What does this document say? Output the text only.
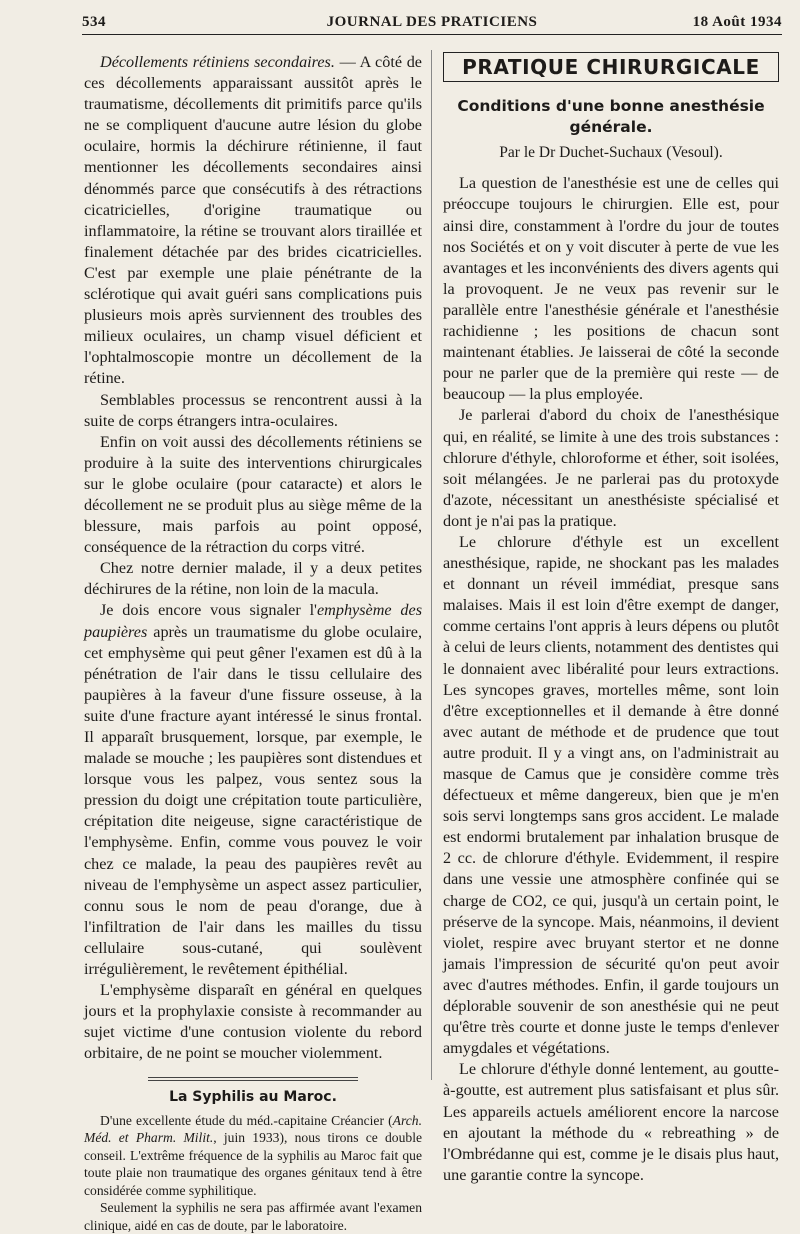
534	JOURNAL DES PRATICIENS	18 Août 1934

Décollements rétiniens secondaires. — A côté de ces décollements apparaissant aussitôt après le traumatisme, décollements dit primitifs parce qu'ils ne se compliquent d'aucune autre lésion du globe oculaire, hormis la déchirure rétinienne, il faut mentionner les décollements secondaires ainsi dénommés parce que consécutifs à des rétractions cicatricielles, d'origine traumatique ou inflammatoire, la rétine se trouvant alors tiraillée et finalement détachée par des brides cicatricielles. C'est par exemple une plaie pénétrante de la sclérotique qui avait guéri sans complications puis plusieurs mois après surviennent des troubles des milieux oculaires, un champ visuel déficient et l'ophtalmoscopie montre un décollement de la rétine.

Semblables processus se rencontrent aussi à la suite de corps étrangers intra-oculaires.

Enfin on voit aussi des décollements rétiniens se produire à la suite des interventions chirurgicales sur le globe oculaire (pour cataracte) et alors le décollement ne se produit plus au siège même de la blessure, mais parfois au point opposé, conséquence de la rétraction du corps vitré.

Chez notre dernier malade, il y a deux petites déchirures de la rétine, non loin de la macula.

Je dois encore vous signaler l'emphysème des paupières après un traumatisme du globe oculaire, cet emphysème qui peut gêner l'examen est dû à la pénétration de l'air dans le tissu cellulaire des paupières à la faveur d'une fissure osseuse, à la suite d'une fracture ayant intéressé le sinus frontal. Il apparaît brusquement, lorsque, par exemple, le malade se mouche ; les paupières sont distendues et lorsque vous les palpez, vous sentez sous la pression du doigt une crépitation toute particulière, crépitation dite neigeuse, signe caractéristique de l'emphysème. Enfin, comme vous pouvez le voir chez ce malade, la peau des paupières revêt au niveau de l'emphysème un aspect assez particulier, connu sous le nom de peau d'orange, due à l'infiltration de l'air dans les mailles du tissu cellulaire sous-cutané, qui soulèvent irrégulièrement, le revêtement épithélial.

L'emphysème disparaît en général en quelques jours et la prophylaxie consiste à recommander au sujet victime d'une contusion violente du rebord orbitaire, de ne point se moucher violemment.

La Syphilis au Maroc.

D'une excellente étude du méd.-capitaine Créancier (Arch. Méd. et Pharm. Milit., juin 1933), nous tirons ce double conseil. L'extrême fréquence de la syphilis au Maroc fait que toute plaie non traumatique des organes génitaux tend à être considérée comme syphilitique.

Seulement la syphilis ne sera pas affirmée avant l'examen clinique, aidé en cas de doute, par le laboratoire.

PRATIQUE CHIRURGICALE
Conditions d'une bonne anesthésie générale.
Par le Dr Duchet-Suchaux (Vesoul).

La question de l'anesthésie est une de celles qui préoccupe toujours le chirurgien. Elle est, pour ainsi dire, constamment à l'ordre du jour de toutes nos Sociétés et on y voit discuter à perte de vue les avantages et les inconvénients des divers agents qui la provoquent. Je ne veux pas revenir sur le parallèle entre l'anesthésie générale et l'anesthésie rachidienne ; les positions de chacun sont maintenant établies. Je laisserai de côté la seconde pour ne parler que de la première qui reste — de beaucoup — la plus employée.

Je parlerai d'abord du choix de l'anesthésique qui, en réalité, se limite à une des trois substances : chlorure d'éthyle, chloroforme et éther, soit isolées, soit mélangées. Je ne parlerai pas du protoxyde d'azote, nécessitant un anesthésiste spécialisé et dont je n'ai pas la pratique.

Le chlorure d'éthyle est un excellent anesthésique, rapide, ne shockant pas les malades et donnant un réveil immédiat, presque sans malaises. Mais il est loin d'être exempt de danger, comme certains l'ont appris à leurs dépens ou plutôt à celui de leurs clients, notamment des dentistes qui le donnaient avec libéralité pour leurs extractions. Les syncopes graves, mortelles même, sont loin d'être exceptionnelles et il demande à être donné avec autant de méthode et de prudence que tout autre produit. Il y a vingt ans, on l'administrait au masque de Camus que je considère comme très défectueux et même dangereux, bien que je m'en sois servi longtemps sans gros accident. Le malade est endormi brutalement par inhalation brusque de 2 cc. de chlorure d'éthyle. Evidemment, il respire dans une vessie une atmosphère confinée qui se charge de CO2, ce qui, jusqu'à un certain point, le préserve de la syncope. Mais, néanmoins, il devient violet, respire avec bruyant stertor et ne donne jamais l'impression de sécurité qu'on peut avoir avec d'autres méthodes. Enfin, il garde toujours un déplorable souvenir de son anesthésie qui ne peut qu'être très courte et donne juste le temps d'enlever amygdales et végétations.

Le chlorure d'éthyle donné lentement, au goutte-à-goutte, est autrement plus satisfaisant et plus sûr. Les appareils actuels améliorent encore la narcose en ajoutant la méthode du « rebreathing » de l'Ombrédanne qui est, comme je le disais plus haut, une garantie contre la syncope.
